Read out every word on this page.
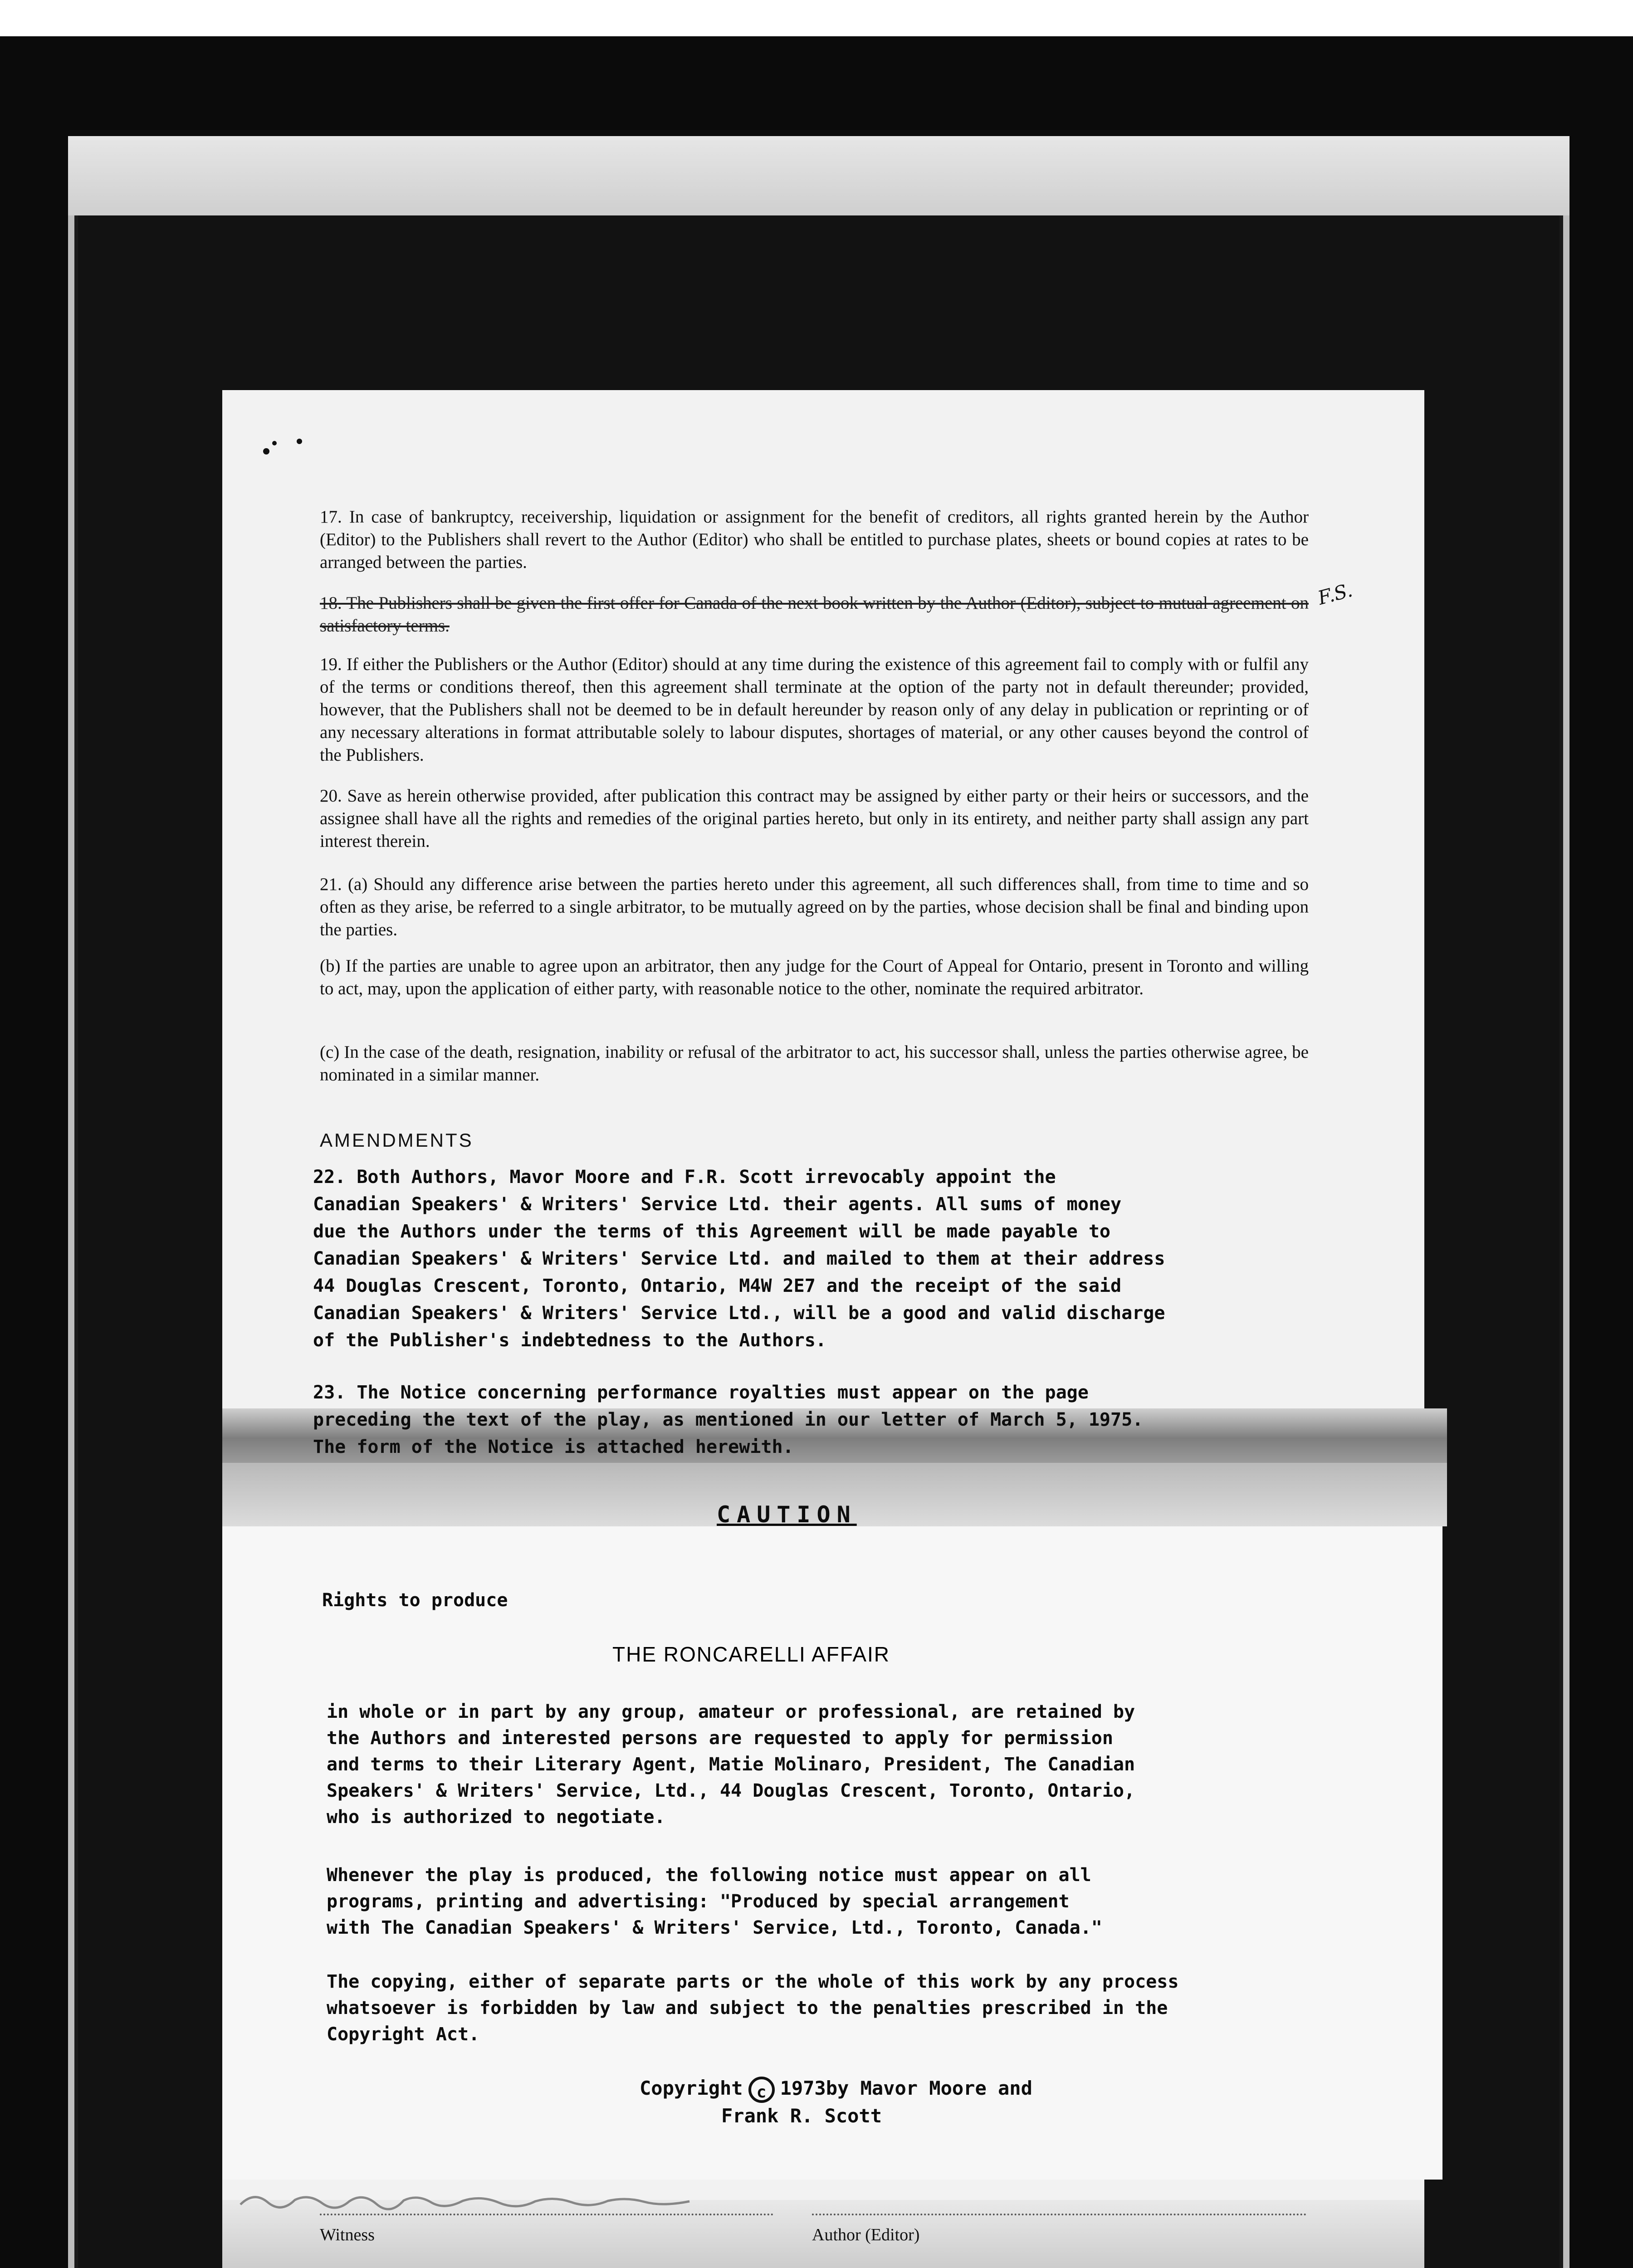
17. In case of bankruptcy, receivership, liquidation or assignment for the benefit of creditors, all rights granted herein by the Author (Editor) to the Publishers shall revert to the Author (Editor) who shall be entitled to purchase plates, sheets or bound copies at rates to be arranged between the parties.
18. The Publishers shall be given the first offer for Canada of the next book written by the Author (Editor), subject to mutual agreement on satisfactory terms.
F.S.
19. If either the Publishers or the Author (Editor) should at any time during the existence of this agreement fail to comply with or fulfil any of the terms or conditions thereof, then this agreement shall terminate at the option of the party not in default thereunder; provided, however, that the Publishers shall not be deemed to be in default hereunder by reason only of any delay in publication or reprinting or of any necessary alterations in format attributable solely to labour disputes, shortages of material, or any other causes beyond the control of the Publishers.
20. Save as herein otherwise provided, after publication this contract may be assigned by either party or their heirs or successors, and the assignee shall have all the rights and remedies of the original parties hereto, but only in its entirety, and neither party shall assign any part interest therein.
21. (a) Should any difference arise between the parties hereto under this agreement, all such differences shall, from time to time and so often as they arise, be referred to a single arbitrator, to be mutually agreed on by the parties, whose decision shall be final and binding upon the parties.
(b) If the parties are unable to agree upon an arbitrator, then any judge for the Court of Appeal for Ontario, present in Toronto and willing to act, may, upon the application of either party, with reasonable notice to the other, nominate the required arbitrator.
(c) In the case of the death, resignation, inability or refusal of the arbitrator to act, his successor shall, unless the parties otherwise agree, be nominated in a similar manner.
AMENDMENTS
22. Both Authors, Mavor Moore and F.R. Scott irrevocably appoint the
Canadian Speakers' & Writers' Service Ltd. their agents. All sums of money
due the Authors under the terms of this Agreement will be made payable to
Canadian Speakers' & Writers' Service Ltd. and mailed to them at their address
44 Douglas Crescent, Toronto, Ontario, M4W 2E7 and the receipt of the said
Canadian Speakers' & Writers' Service Ltd., will be a good and valid discharge
of the Publisher's indebtedness to the Authors.
23. The Notice concerning performance royalties must appear on the page
preceding the text of the play, as mentioned in our letter of March 5, 1975.
The form of the Notice is attached herewith.
CAUTION
Rights to produce
THE RONCARELLI AFFAIR
in whole or in part by any group, amateur or professional, are retained by
the Authors and interested persons are requested to apply for permission
and terms to their Literary Agent, Matie Molinaro, President, The Canadian
Speakers' & Writers' Service, Ltd., 44 Douglas Crescent, Toronto, Ontario,
who is authorized to negotiate.
Whenever the play is produced, the following notice must appear on all
programs, printing and advertising: "Produced by special arrangement
with The Canadian Speakers' & Writers' Service, Ltd., Toronto, Canada."
The copying, either of separate parts or the whole of this work by any process
whatsoever is forbidden by law and subject to the penalties prescribed in the
Copyright Act.
Copyright c 1973by Mavor Moore and
Frank R. Scott
Witness	Author (Editor)
